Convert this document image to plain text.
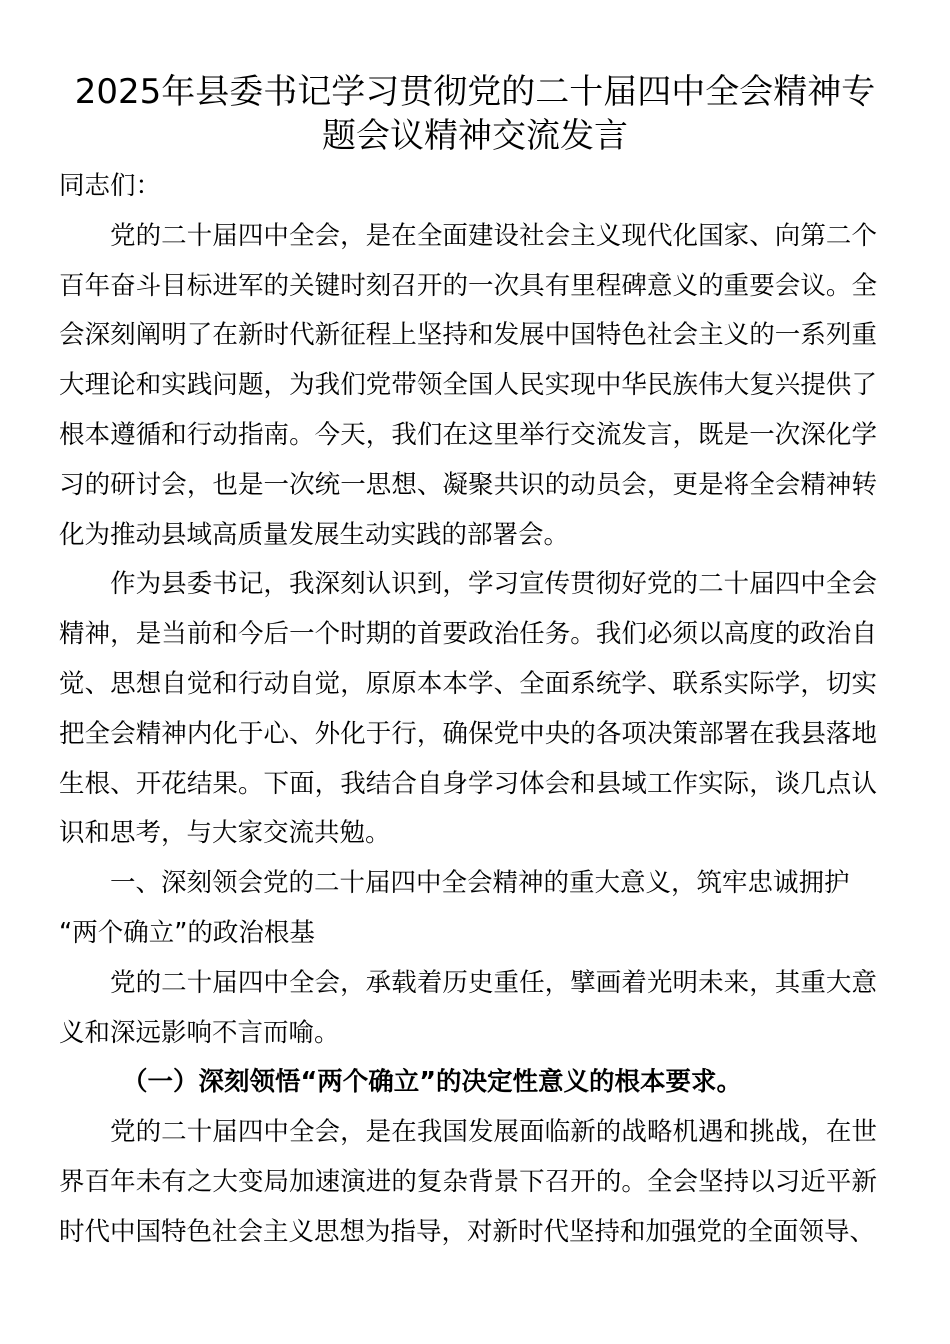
2025年县委书记学习贯彻党的二十届四中全会精神专
题会议精神交流发言
同志们：
党的二十届四中全会，是在全面建设社会主义现代化国家、向第二个
百年奋斗目标进军的关键时刻召开的一次具有里程碑意义的重要会议。全
会深刻阐明了在新时代新征程上坚持和发展中国特色社会主义的一系列重
大理论和实践问题，为我们党带领全国人民实现中华民族伟大复兴提供了
根本遵循和行动指南。今天，我们在这里举行交流发言，既是一次深化学
习的研讨会，也是一次统一思想、凝聚共识的动员会，更是将全会精神转
化为推动县域高质量发展生动实践的部署会。
作为县委书记，我深刻认识到，学习宣传贯彻好党的二十届四中全会
精神，是当前和今后一个时期的首要政治任务。我们必须以高度的政治自
觉、思想自觉和行动自觉，原原本本学、全面系统学、联系实际学，切实
把全会精神内化于心、外化于行，确保党中央的各项决策部署在我县落地
生根、开花结果。下面，我结合自身学习体会和县域工作实际，谈几点认
识和思考，与大家交流共勉。
一、深刻领会党的二十届四中全会精神的重大意义，筑牢忠诚拥护
“两个确立”的政治根基
党的二十届四中全会，承载着历史重任，擘画着光明未来，其重大意
义和深远影响不言而喻。
（一）深刻领悟“两个确立”的决定性意义的根本要求。
党的二十届四中全会，是在我国发展面临新的战略机遇和挑战，在世
界百年未有之大变局加速演进的复杂背景下召开的。全会坚持以习近平新
时代中国特色社会主义思想为指导，对新时代坚持和加强党的全面领导、
